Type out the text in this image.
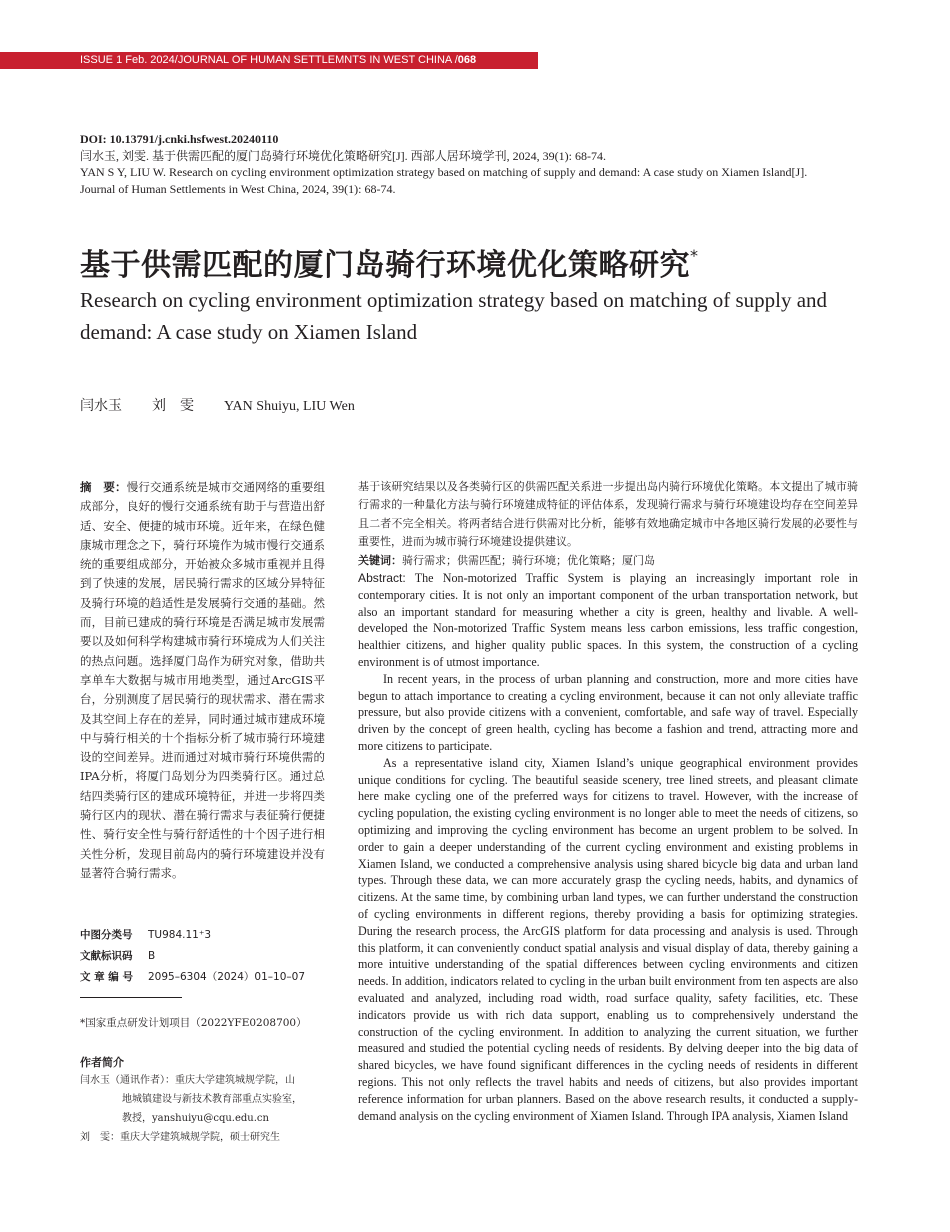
ISSUE 1 Feb. 2024/JOURNAL OF HUMAN SETTLEMNTS IN WEST CHINA /068
DOI: 10.13791/j.cnki.hsfwest.20240110
闫水玉, 刘雯. 基于供需匹配的厦门岛骑行环境优化策略研究[J]. 西部人居环境学刊, 2024, 39(1): 68-74.
YAN S Y, LIU W. Research on cycling environment optimization strategy based on matching of supply and demand: A case study on Xiamen Island[J].
Journal of Human Settlements in West China, 2024, 39(1): 68-74.
基于供需匹配的厦门岛骑行环境优化策略研究*
Research on cycling environment optimization strategy based on matching of supply and demand: A case study on Xiamen Island
闫水玉 刘　雯 YAN Shuiyu, LIU Wen
摘　要：慢行交通系统是城市交通网络的重要组成部分，良好的慢行交通系统有助于与营造出舒适、安全、便捷的城市环境。近年来，在绿色健康城市理念之下，骑行环境作为城市慢行交通系统的重要组成部分，开始被众多城市重视并且得到了快速的发展，居民骑行需求的区域分异特征及骑行环境的趋适性是发展骑行交通的基础。然而，目前已建成的骑行环境是否满足城市发展需要以及如何科学构建城市骑行环境成为人们关注的热点问题。选择厦门岛作为研究对象，借助共享单车大数据与城市用地类型，通过ArcGIS平台，分别测度了居民骑行的现状需求、潜在需求及其空间上存在的差异，同时通过城市建成环境中与骑行相关的十个指标分析了城市骑行环境建设的空间差异。进而通过对城市骑行环境供需的IPA分析，将厦门岛划分为四类骑行区。通过总结四类骑行区的建成环境特征，并进一步将四类骑行区内的现状、潜在骑行需求与表征骑行便捷性、骑行安全性与骑行舒适性的十个因子进行相关性分析，发现目前岛内的骑行环境建设并没有显著符合骑行需求。
中图分类号 TU984.11⁺3
文献标识码 B
文 章 编 号 2095–6304（2024）01–10–07
*国家重点研发计划项目（2022YFE0208700）
作者简介
闫水玉（通讯作者）：重庆大学建筑城规学院，山
地城镇建设与新技术教育部重点实验室，
教授，yanshuiyu@cqu.edu.cn
刘　雯：重庆大学建筑城规学院，硕士研究生
基于该研究结果以及各类骑行区的供需匹配关系进一步提出岛内骑行环境优化策略。本文提出了城市骑行需求的一种量化方法与骑行环境建成特征的评估体系，发现骑行需求与骑行环境建设均存在空间差异且二者不完全相关。将两者结合进行供需对比分析，能够有效地确定城市中各地区骑行发展的必要性与重要性，进而为城市骑行环境建设提供建议。
关键词：骑行需求；供需匹配；骑行环境；优化策略；厦门岛

Abstract: The Non-motorized Traffic System is playing an increasingly important role in contemporary cities. It is not only an important component of the urban transportation network, but also an important standard for measuring whether a city is green, healthy and livable. A well-developed the Non-motorized Traffic System means less carbon emissions, less traffic congestion, healthier citizens, and higher quality public spaces. In this system, the construction of a cycling environment is of utmost importance.

In recent years, in the process of urban planning and construction, more and more cities have begun to attach importance to creating a cycling environment, because it can not only alleviate traffic pressure, but also provide citizens with a convenient, comfortable, and safe way of travel. Especially driven by the concept of green health, cycling has become a fashion and trend, attracting more and more citizens to participate.

As a representative island city, Xiamen Island’s unique geographical environment provides unique conditions for cycling. The beautiful seaside scenery, tree lined streets, and pleasant climate here make cycling one of the preferred ways for citizens to travel. However, with the increase of cycling population, the existing cycling environment is no longer able to meet the needs of citizens, so optimizing and improving the cycling environment has become an urgent problem to be solved. In order to gain a deeper understanding of the current cycling environment and existing problems in Xiamen Island, we conducted a comprehensive analysis using shared bicycle big data and urban land types. Through these data, we can more accurately grasp the cycling needs, habits, and dynamics of citizens. At the same time, by combining urban land types, we can further understand the construction of cycling environments in different regions, thereby providing a basis for optimizing strategies. During the research process, the ArcGIS platform for data processing and analysis is used. Through this platform, it can conveniently conduct spatial analysis and visual display of data, thereby gaining a more intuitive understanding of the spatial differences between cycling environments and citizen needs. In addition, indicators related to cycling in the urban built environment from ten aspects are also evaluated and analyzed, including road width, road surface quality, safety facilities, etc. These indicators provide us with rich data support, enabling us to comprehensively understand the construction of the cycling environment. In addition to analyzing the current situation, we further measured and studied the potential cycling needs of residents. By delving deeper into the big data of shared bicycles, we have found significant differences in the cycling needs of residents in different regions. This not only reflects the travel habits and needs of citizens, but also provides important reference information for urban planners. Based on the above research results, it conducted a supply-demand analysis on the cycling environment of Xiamen Island. Through IPA analysis, Xiamen Island
